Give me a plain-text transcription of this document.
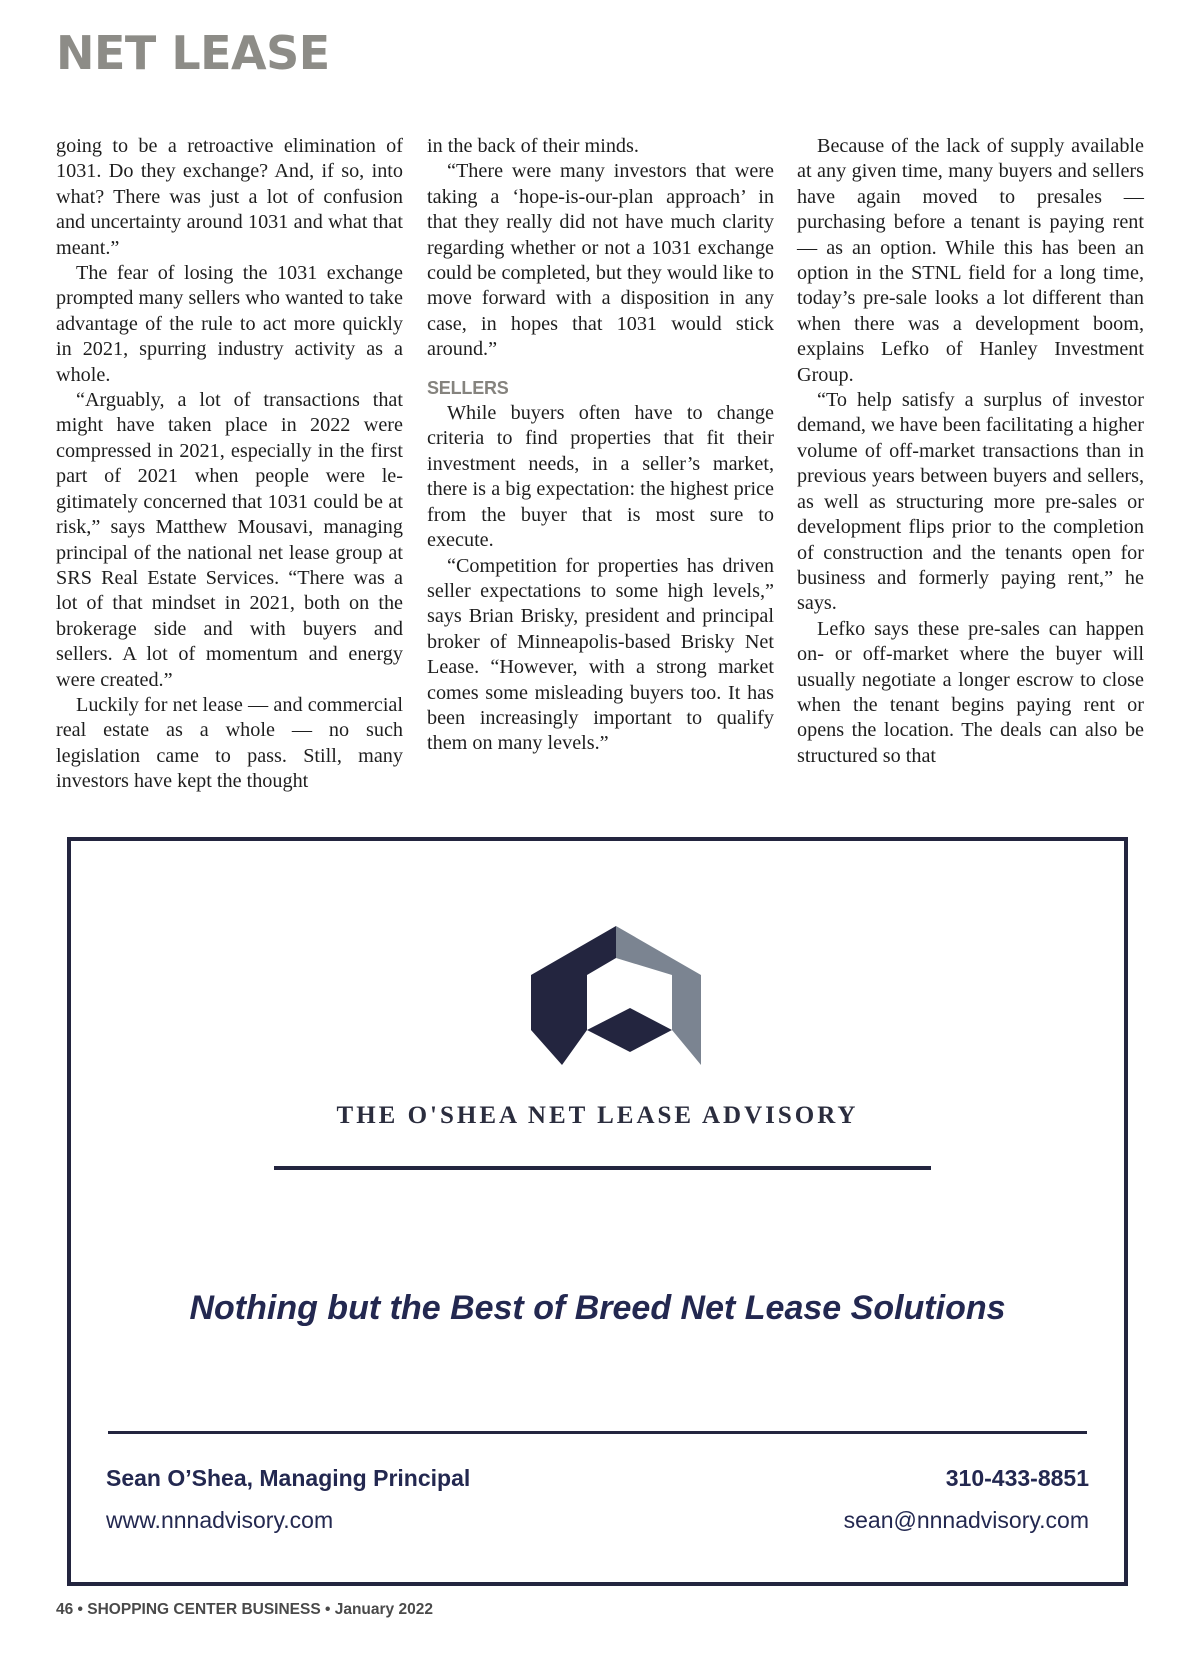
NET LEASE

going to be a retroactive elimination of 1031. Do they exchange? And, if so, into what? There was just a lot of confusion and uncertainty around 1031 and what that meant.”

The fear of losing the 1031 exchange prompted many sellers who wanted to take advantage of the rule to act more quickly in 2021, spurring industry activity as a whole.

“Arguably, a lot of transactions that might have taken place in 2022 were compressed in 2021, especially in the first part of 2021 when people were legitimately concerned that 1031 could be at risk,” says Matthew Mousavi, managing principal of the national net lease group at SRS Real Estate Services. “There was a lot of that mindset in 2021, both on the brokerage side and with buyers and sellers. A lot of momentum and energy were created.”

Luckily for net lease — and commercial real estate as a whole — no such legislation came to pass. Still, many investors have kept the thought

in the back of their minds.

“There were many investors that were taking a ‘hope-is-our-plan approach’ in that they really did not have much clarity regarding whether or not a 1031 exchange could be completed, but they would like to move forward with a disposition in any case, in hopes that 1031 would stick around.”

SELLERS

While buyers often have to change criteria to find properties that fit their investment needs, in a seller’s market, there is a big expectation: the highest price from the buyer that is most sure to execute.

“Competition for properties has driven seller expectations to some high levels,” says Brian Brisky, president and principal broker of Minneapolis-based Brisky Net Lease. “However, with a strong market comes some misleading buyers too. It has been increasingly important to qualify them on many levels.”

Because of the lack of supply available at any given time, many buyers and sellers have again moved to presales — purchasing before a tenant is paying rent — as an option. While this has been an option in the STNL field for a long time, today’s pre-sale looks a lot different than when there was a development boom, explains Lefko of Hanley Investment Group.

“To help satisfy a surplus of investor demand, we have been facilitating a higher volume of off-market transactions than in previous years between buyers and sellers, as well as structuring more pre-sales or development flips prior to the completion of construction and the tenants open for business and formerly paying rent,” he says.

Lefko says these pre-sales can happen on- or off-market where the buyer will usually negotiate a longer escrow to close when the tenant begins paying rent or opens the location. The deals can also be structured so that

THE O'SHEA NET LEASE ADVISORY
Nothing but the Best of Breed Net Lease Solutions
Sean O’Shea, Managing Principal	310-433-8851
www.nnnadvisory.com	sean@nnnadvisory.com
46 • SHOPPING CENTER BUSINESS • January 2022
